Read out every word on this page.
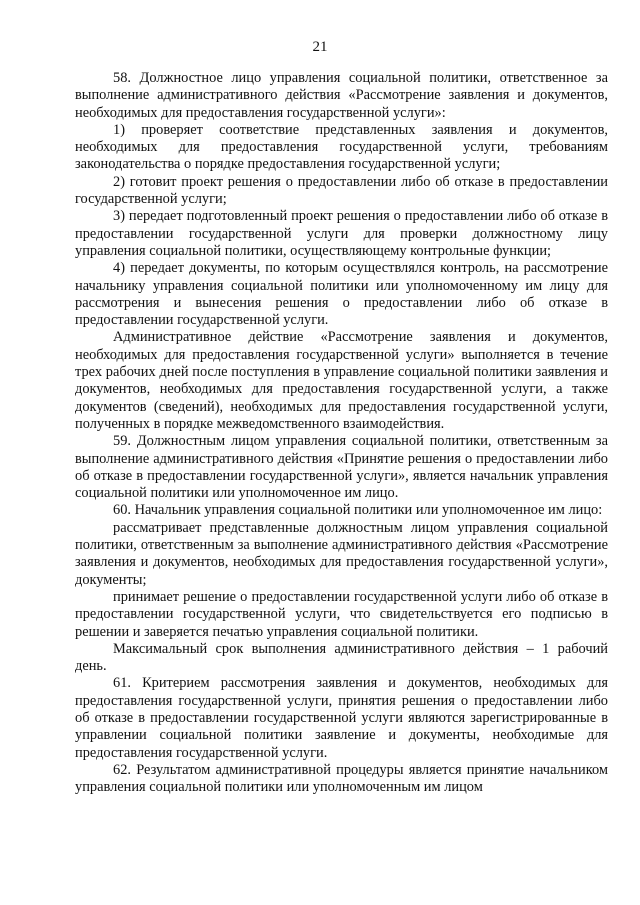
21

58. Должностное лицо управления социальной политики, ответственное за выполнение административного действия «Рассмотрение заявления и документов, необходимых для предоставления государственной услуги»:

1) проверяет соответствие представленных заявления и документов, необходимых для предоставления государственной услуги, требованиям законодательства о порядке предоставления государственной услуги;

2) готовит проект решения о предоставлении либо об отказе в предоставлении государственной услуги;

3) передает подготовленный проект решения о предоставлении либо об отказе в предоставлении государственной услуги для проверки должностному лицу управления социальной политики, осуществляющему контрольные функции;

4) передает документы, по которым осуществлялся контроль, на рассмотрение начальнику управления социальной политики или уполномоченному им лицу для рассмотрения и вынесения решения о предоставлении либо об отказе в предоставлении государственной услуги.

Административное действие «Рассмотрение заявления и документов, необходимых для предоставления государственной услуги» выполняется в течение трех рабочих дней после поступления в управление социальной политики заявления и документов, необходимых для предоставления государственной услуги, а также документов (сведений), необходимых для предоставления государственной услуги, полученных в порядке межведомственного взаимодействия.

59. Должностным лицом управления социальной политики, ответственным за выполнение административного действия «Принятие решения о предоставлении либо об отказе в предоставлении государственной услуги», является начальник управления социальной политики или уполномоченное им лицо.

60. Начальник управления социальной политики или уполномоченное им лицо:

рассматривает представленные должностным лицом управления социальной политики, ответственным за выполнение административного действия «Рассмотрение заявления и документов, необходимых для предоставления государственной услуги», документы;

принимает решение о предоставлении государственной услуги либо об отказе в предоставлении государственной услуги, что свидетельствуется его подписью в решении и заверяется печатью управления социальной политики.

Максимальный срок выполнения административного действия – 1 рабочий день.

61. Критерием рассмотрения заявления и документов, необходимых для предоставления государственной услуги, принятия решения о предоставлении либо об отказе в предоставлении государственной услуги являются зарегистрированные в управлении социальной политики заявление и документы, необходимые для предоставления государственной услуги.

62. Результатом административной процедуры является принятие начальником управления социальной политики или уполномоченным им лицом
